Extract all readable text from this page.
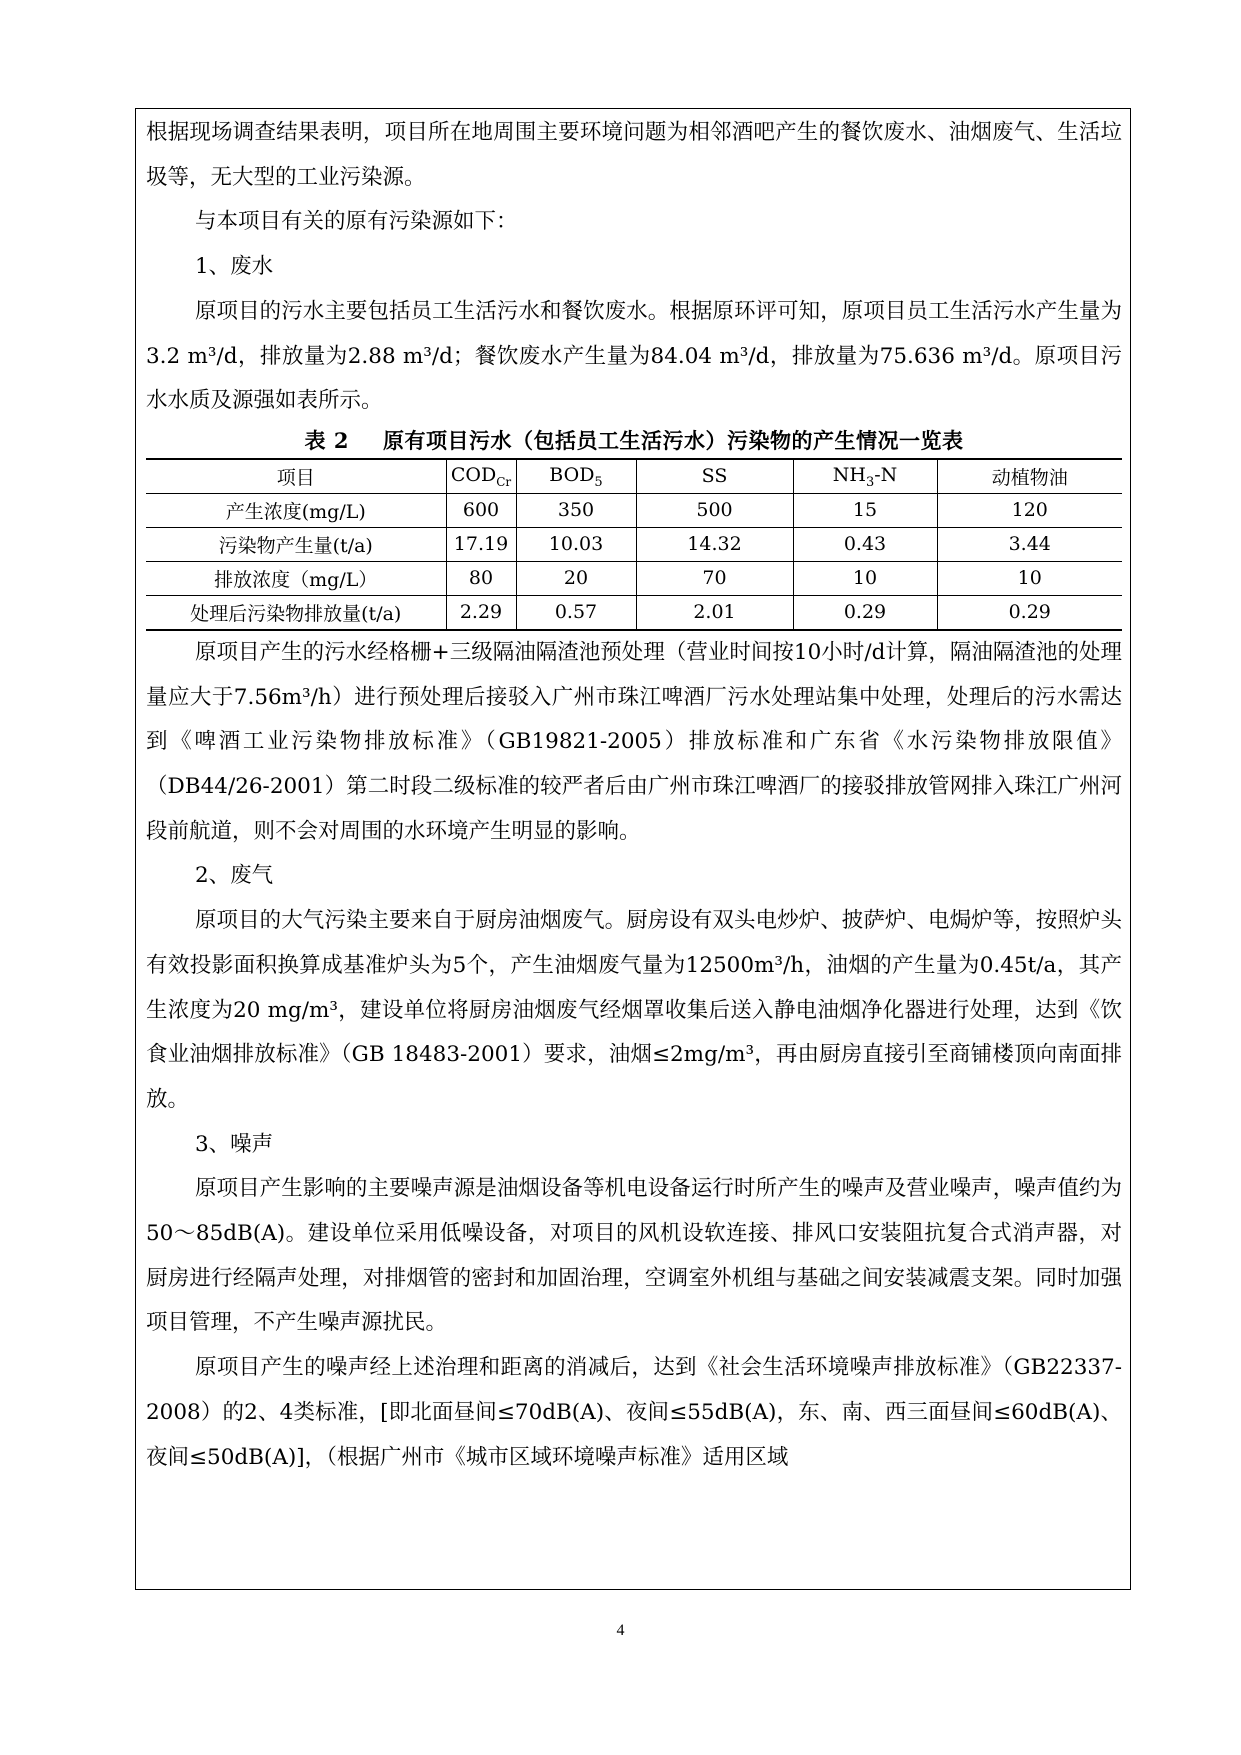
根据现场调查结果表明，项目所在地周围主要环境问题为相邻酒吧产生的餐饮废水、油烟废气、生活垃圾等，无大型的工业污染源。

与本项目有关的原有污染源如下：

1、废水

原项目的污水主要包括员工生活污水和餐饮废水。根据原环评可知，原项目员工生活污水产生量为3.2 m³/d，排放量为2.88 m³/d；餐饮废水产生量为84.04 m³/d，排放量为75.636 m³/d。原项目污水水质及源强如表所示。

表 2 原有项目污水（包括员工生活污水）污染物的产生情况一览表

项目	$COD_{Cr}$	$BOD_5$	SS	$NH_3-N$	动植物油
产生浓度(mg/L)	600	350	500	15	120
污染物产生量(t/a)	17.19	10.03	14.32	0.43	3.44
排放浓度（mg/L）	80	20	70	10	10
处理后污染物排放量(t/a)	2.29	0.57	2.01	0.29	0.29

原项目产生的污水经格栅+三级隔油隔渣池预处理（营业时间按10小时/d计算，隔油隔渣池的处理量应大于7.56m³/h）进行预处理后接驳入广州市珠江啤酒厂污水处理站集中处理，处理后的污水需达到《啤酒工业污染物排放标准》（GB19821-2005）排放标准和广东省《水污染物排放限值》（DB44/26-2001）第二时段二级标准的较严者后由广州市珠江啤酒厂的接驳排放管网排入珠江广州河段前航道，则不会对周围的水环境产生明显的影响。

2、废气

原项目的大气污染主要来自于厨房油烟废气。厨房设有双头电炒炉、披萨炉、电焗炉等，按照炉头有效投影面积换算成基准炉头为5个，产生油烟废气量为12500m³/h，油烟的产生量为0.45t/a，其产生浓度为20 mg/m³，建设单位将厨房油烟废气经烟罩收集后送入静电油烟净化器进行处理，达到《饮食业油烟排放标准》（GB 18483-2001）要求，油烟≤2mg/m³，再由厨房直接引至商铺楼顶向南面排放。

3、噪声

原项目产生影响的主要噪声源是油烟设备等机电设备运行时所产生的噪声及营业噪声，噪声值约为50～85dB(A)。建设单位采用低噪设备，对项目的风机设软连接、排风口安装阻抗复合式消声器，对厨房进行经隔声处理，对排烟管的密封和加固治理，空调室外机组与基础之间安装减震支架。同时加强项目管理，不产生噪声源扰民。

原项目产生的噪声经上述治理和距离的消减后，达到《社会生活环境噪声排放标准》（GB22337-2008）的2、4类标准，[即北面昼间≤70dB(A)、夜间≤55dB(A)，东、南、西三面昼间≤60dB(A)、夜间≤50dB(A)]，（根据广州市《城市区域环境噪声标准》适用区域

4
